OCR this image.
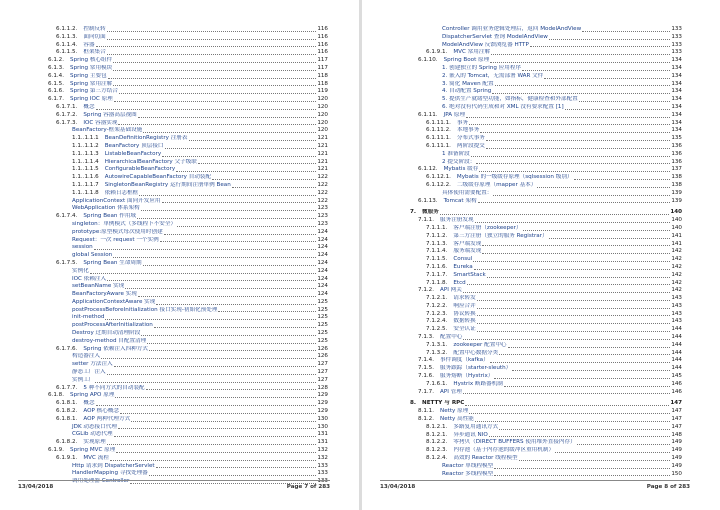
6.1.1.2. 控制反转	116
6.1.1.3. 面向切面	116
6.1.1.4. 容器	116
6.1.1.5. 框架集合	116
6.1.2. Spring 核心组件	117
6.1.3. Spring 常用模块	117
6.1.4. Spring 主要包	118
6.1.5. Spring 常用注解	118
6.1.6. Spring 第三方结合	119
6.1.7. Spring IOC 原理	120
6.1.7.1. 概念	120
6.1.7.2. Spring 容器高层视图	120
6.1.7.3. IOC 容器实现	120
BeanFactory-框架基础设施	120
1.1..1.1.1 BeanDefinitionRegistry 注册表	121
1.1..1.1.2 BeanFactory 顶层接口	121
1.1..1.1.3 ListableBeanFactory	121
1.1..1.1.4 HierarchicalBeanFactory 父子级联	121
1.1..1.1.5 ConfigurableBeanFactory	121
1.1..1.1.6 AutowireCapableBeanFactory 自动装配	122
1.1..1.1.7 SingletonBeanRegistry 运行期间注册单例 Bean	122
1.1..1.1.8 依赖日志框框	122
ApplicationContext 面向开发应用	122
WebApplication 体系架构	123
6.1.7.4. Spring Bean 作用域	123
singleton：单例模式（多线程下不安全）	123
prototype:原型模式每次使用时创建	124
Request：一次 request 一个实例	124
session	124
global Session	124
6.1.7.5. Spring Bean 生命周期	124
实例化	124
IOC 依赖注入	124
setBeanName 实现	124
BeanFactoryAware 实现	124
ApplicationContextAware 实现	125
postProcessBeforeInitialization 接口实现-初始化预处理	125
init-method	125
postProcessAfterInitialization	125
Destroy 过期自动清理阶段	125
destroy-method 自配置清理	125
6.1.7.6. Spring 依赖注入四种方式	126
构造器注入	126
setter 方法注入	127
静态工厂注入	127
实例工厂	127
6.1.7.7. 5 种不同方式的自动装配	128
6.1.8. Spring APO 原理	129
6.1.8.1. 概念	129
6.1.8.2. AOP 核心概念	129
6.1.8.1. AOP 两种代理方式	130
JDK 动态接口代理	130
CGLib 动态代理	131
6.1.8.2. 实现原理	131
6.1.9. Spring MVC 原理	132
6.1.9.1. MVC 流程	132
Http 请求到 DispatcherServlet	133
HandlerMapping 寻找处理器	133
调用处理器 Controller	133
13/04/2018	Page 7 of 283
Controller 调用业务逻辑处理后，返回 ModelAndView	133
DispatcherServlet 查询 ModelAndView	133
ModelAndView 反馈浏览器 HTTP	133
6.1.9.1. MVC 常用注解	133
6.1.10. Spring Boot 原理	134
1. 创建独立的 Spring 应用程序	134
2. 嵌入的 Tomcat，无需部署 WAR 文件	134
3. 简化 Maven 配置	134
4. 自动配置 Spring	134
5. 提供生产就绪型功能，如指标，健康检查和外部配置	134
6. 绝对没有代码生成和对 XML 没有要求配置 [1]	134
6.1.11. JPA 原理	134
6.1.11.1. 事务	134
6.1.11.2. 本地事务	134
6.1.11.1. 分布式事务	135
6.1.11.1. 两阶段提交	136
1 准备阶段	136
2 提交阶段：	136
6.1.12. Mybatis 缓存	137
6.1.12.1. Mybatis 的一级缓存原理（sqlsession 级别）	138
6.1.12.2. 二级缓存原理（mapper 基本）	138
具体使用需要配置：	139
6.1.13. Tomcat 架构	139
7. 微服务	140
7.1.1. 服务注册发现	140
7.1.1.1. 客户端注册（zookeeper）	140
7.1.1.2. 第三方注册（独立的服务 Registrar）	141
7.1.1.3. 客户端发现	141
7.1.1.4. 服务端发现	142
7.1.1.5. Consul	142
7.1.1.6. Eureka	142
7.1.1.7. SmartStack	142
7.1.1.8. Etcd	142
7.1.2. API 网关	142
7.1.2.1. 请求转发	143
7.1.2.2. 响应合并	143
7.1.2.3. 协议转换	143
7.1.2.4. 数据转换	143
7.1.2.5. 安全认证	144
7.1.3. 配置中心	144
7.1.3.1. zookeeper 配置中心	144
7.1.3.2. 配置中心数据分类	144
7.1.4. 事件调度（kafka）	144
7.1.5. 服务跟踪（starter-sleuth）	144
7.1.6. 服务熔断（Hystrix）	145
7.1.6.1. Hystrix 断路器机制	146
7.1.7. API 管理	146
8. NETTY 与 RPC	147
8.1.1. Netty 原理	147
8.1.2. Netty 高性能	147
8.1.2.1. 多路复用通讯方式	147
8.1.2.1. 异步通讯 NIO	148
8.1.2.2. 零拷贝（DIRECT BUFFERS 使用堆外直接内存）	149
8.1.2.3. 内存池（基于内存池的缓冲区重用机制）	149
8.1.2.4. 高效的 Reactor 线程模型	149
Reactor 单线程模型	149
Reactor 多线程模型	150
13/04/2018	Page 8 of 283
